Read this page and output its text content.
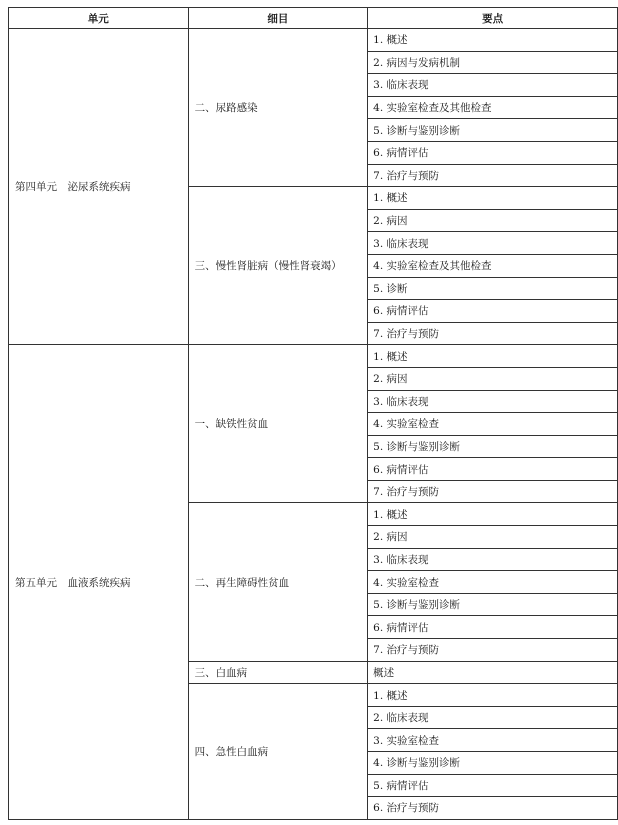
单元	细目	要点
第四单元　泌尿系统疾病	二、尿路感染	1. 概述
		2. 病因与发病机制
		3. 临床表现
		4. 实验室检查及其他检查
		5. 诊断与鉴别诊断
		6. 病情评估
		7. 治疗与预防
	三、慢性肾脏病（慢性肾衰竭）	1. 概述
		2. 病因
		3. 临床表现
		4. 实验室检查及其他检查
		5. 诊断
		6. 病情评估
		7. 治疗与预防
第五单元　血液系统疾病	一、缺铁性贫血	1. 概述
		2. 病因
		3. 临床表现
		4. 实验室检查
		5. 诊断与鉴别诊断
		6. 病情评估
		7. 治疗与预防
	二、再生障碍性贫血	1. 概述
		2. 病因
		3. 临床表现
		4. 实验室检查
		5. 诊断与鉴别诊断
		6. 病情评估
		7. 治疗与预防
	三、白血病	概述
	四、急性白血病	1. 概述
		2. 临床表现
		3. 实验室检查
		4. 诊断与鉴别诊断
		5. 病情评估
		6. 治疗与预防
